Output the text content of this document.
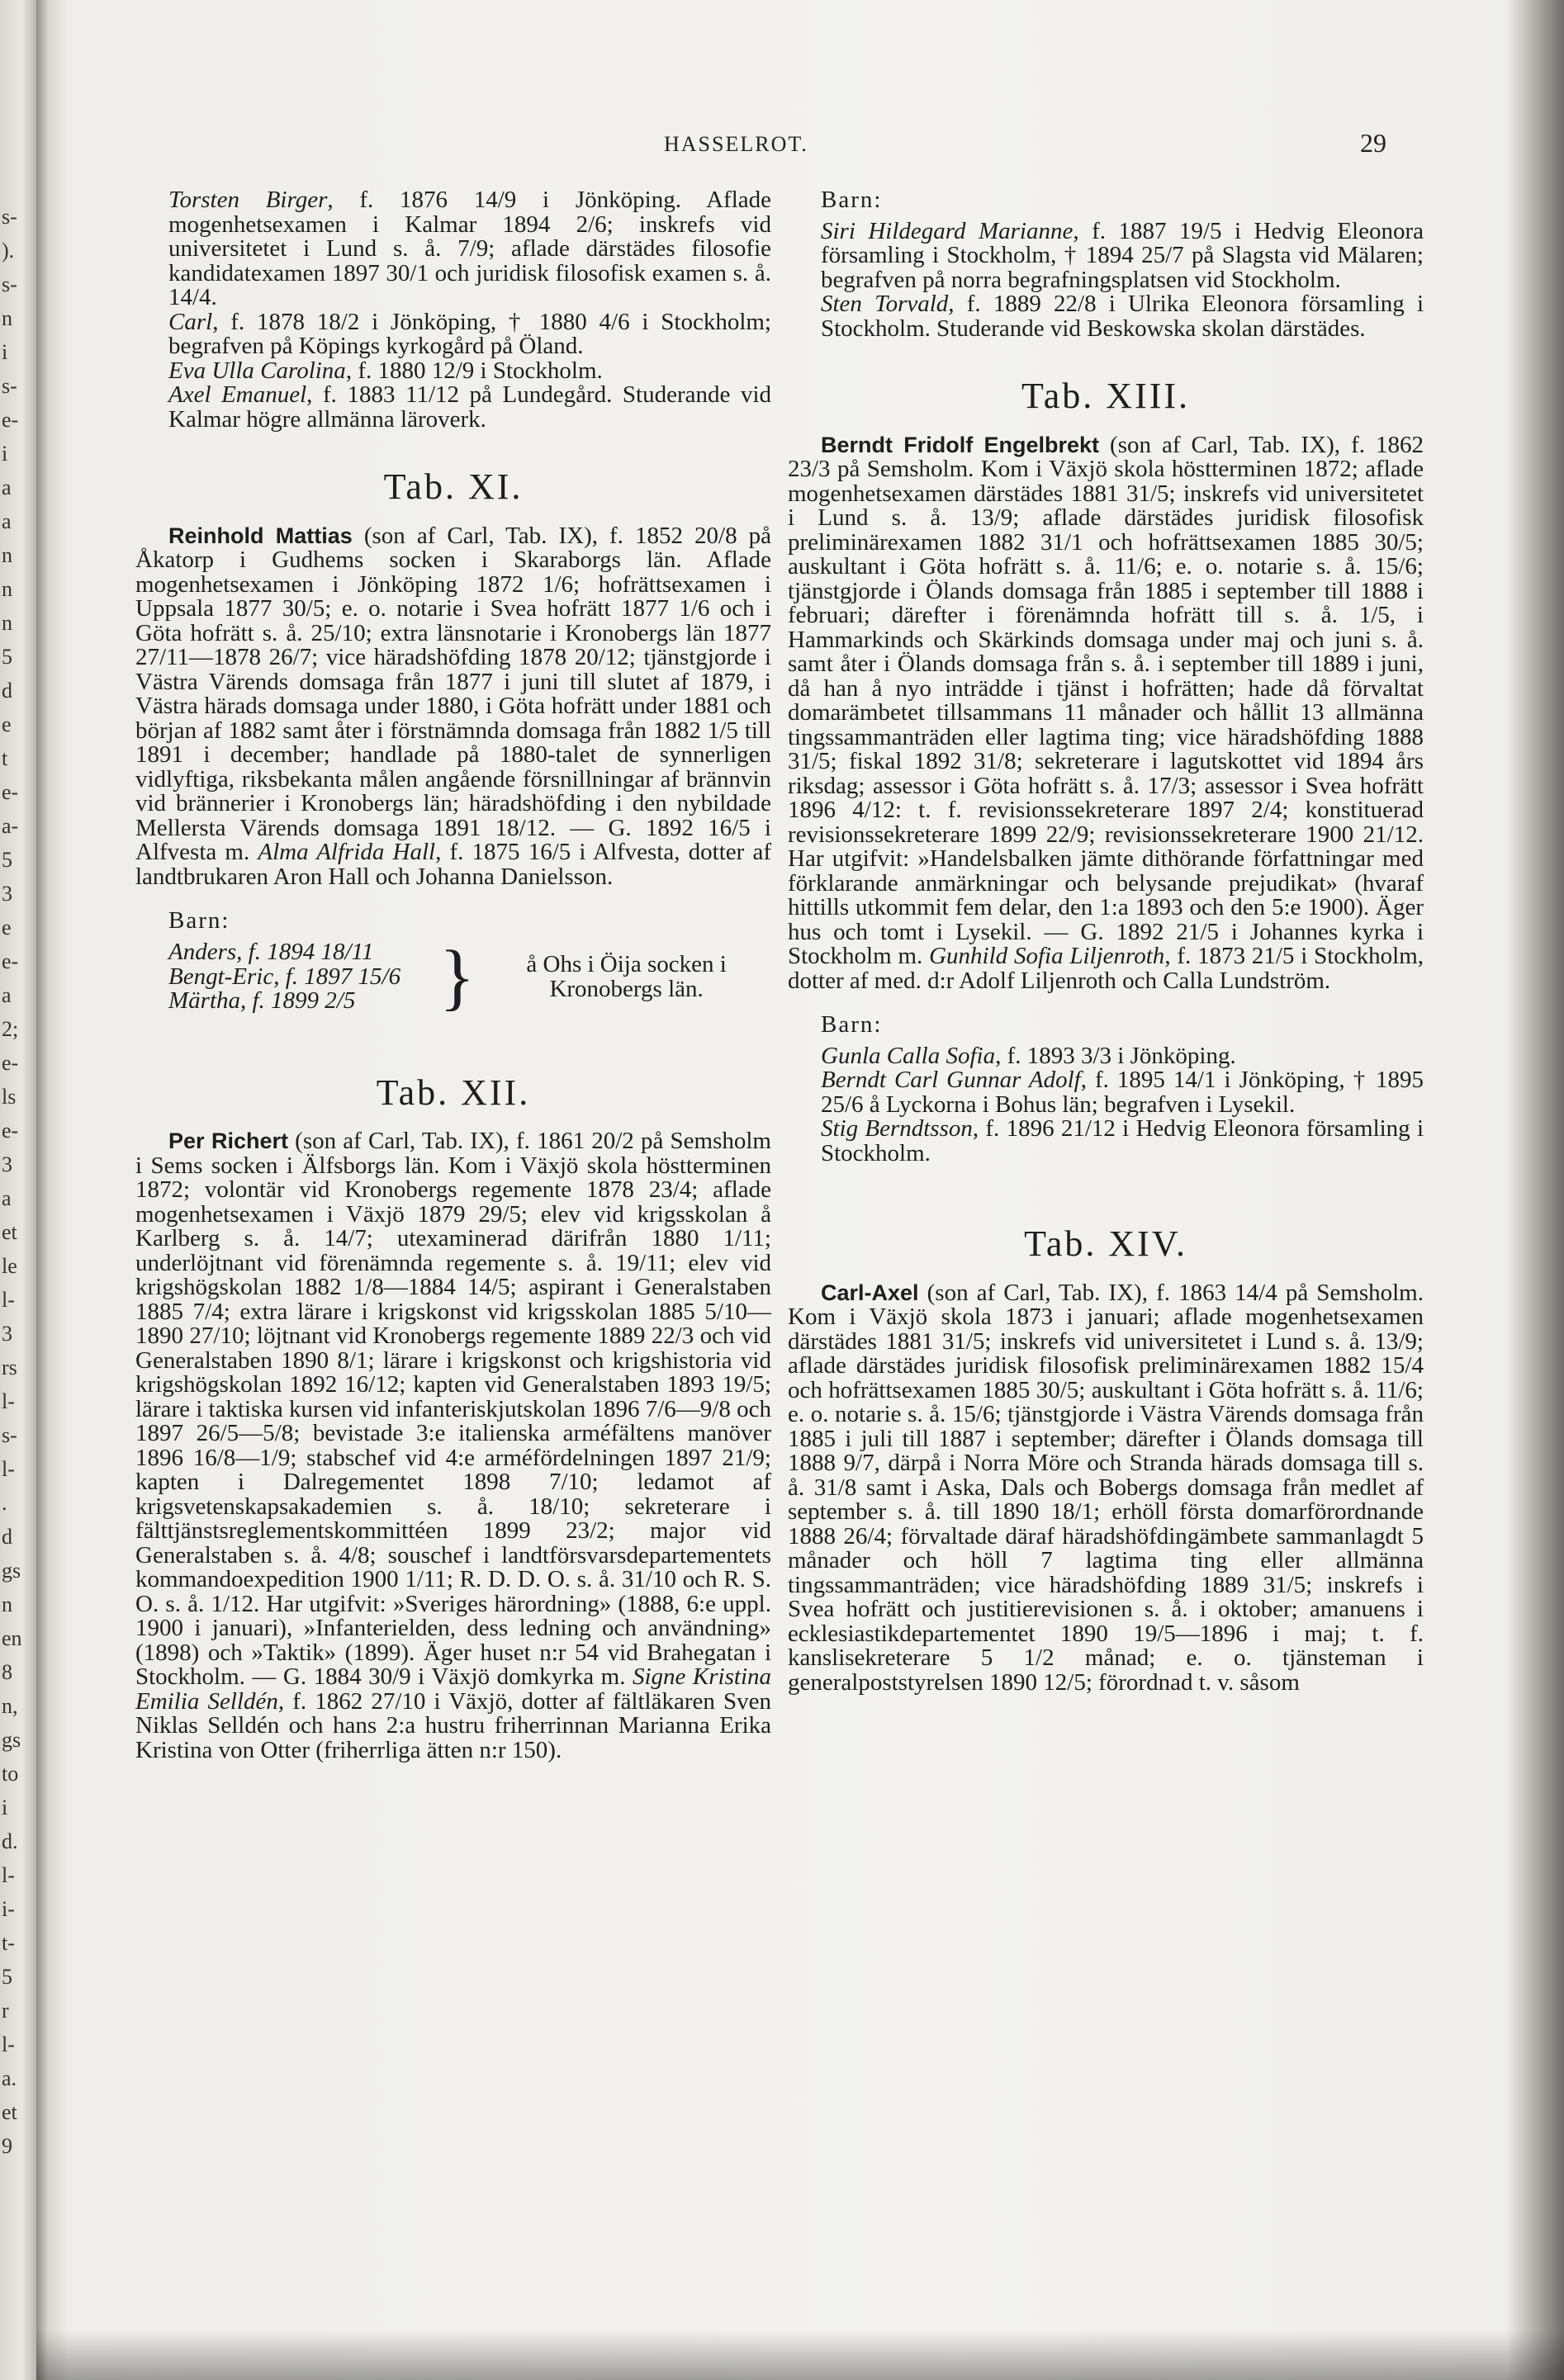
s-
).
s-
n
i
s-
e-
i
a
a
n
n
n
5
d
e
t
e-
a-
5
3
e
e-
a
2;
e-
ls
e-
3
a
et
le
l-
3
rs
l-
s-
l-
.
d
gs
n
en
8
n,
gs
to
i
d.
l-
i-
t-
5
r
l-
a.
et
9
HASSELROT.	29

Torsten Birger, f. 1876 14/9 i Jönköping. Aflade mogenhetsexamen i Kalmar 1894 2/6; inskrefs vid universitetet i Lund s. å. 7/9; aflade därstädes filosofie kandidatexamen 1897 30/1 och juridisk filosofisk examen s. å. 14/4.

Carl, f. 1878 18/2 i Jönköping, † 1880 4/6 i Stockholm; begrafven på Köpings kyrkogård på Öland.

Eva Ulla Carolina, f. 1880 12/9 i Stockholm.

Axel Emanuel, f. 1883 11/12 på Lundegård. Studerande vid Kalmar högre allmänna läroverk.

Tab. XI.

Reinhold Mattias (son af Carl, Tab. IX), f. 1852 20/8 på Åkatorp i Gudhems socken i Skaraborgs län. Aflade mogenhetsexamen i Jönköping 1872 1/6; hofrättsexamen i Uppsala 1877 30/5; e. o. notarie i Svea hofrätt 1877 1/6 och i Göta hofrätt s. å. 25/10; extra länsnotarie i Kronobergs län 1877 27/11—1878 26/7; vice häradshöfding 1878 20/12; tjänstgjorde i Västra Värends domsaga från 1877 i juni till slutet af 1879, i Västra härads domsaga under 1880, i Göta hofrätt under 1881 och början af 1882 samt åter i förstnämnda domsaga från 1882 1/5 till 1891 i december; handlade på 1880-talet de synnerligen vidlyftiga, riksbekanta målen angående försnillningar af brännvin vid brännerier i Kronobergs län; häradshöfding i den nybildade Mellersta Värends domsaga 1891 18/12. — G. 1892 16/5 i Alfvesta m. Alma Alfrida Hall, f. 1875 16/5 i Alfvesta, dotter af landtbrukaren Aron Hall och Johanna Danielsson.

Barn:
Anders, f. 1894 18/11
Bengt-Eric, f. 1897 15/6
Märtha, f. 1899 2/5	}	å Ohs i Öija socken i Kronobergs län.
Tab. XII.

Per Richert (son af Carl, Tab. IX), f. 1861 20/2 på Semsholm i Sems socken i Älfsborgs län. Kom i Växjö skola höstterminen 1872; volontär vid Kronobergs regemente 1878 23/4; aflade mogenhetsexamen i Växjö 1879 29/5; elev vid krigsskolan å Karlberg s. å. 14/7; utexaminerad därifrån 1880 1/11; underlöjtnant vid förenämnda regemente s. å. 19/11; elev vid krigshögskolan 1882 1/8—1884 14/5; aspirant i Generalstaben 1885 7/4; extra lärare i krigskonst vid krigsskolan 1885 5/10—1890 27/10; löjtnant vid Kronobergs regemente 1889 22/3 och vid Generalstaben 1890 8/1; lärare i krigskonst och krigshistoria vid krigshögskolan 1892 16/12; kapten vid Generalstaben 1893 19/5; lärare i taktiska kursen vid infanteriskjutskolan 1896 7/6—9/8 och 1897 26/5—5/8; bevistade 3:e italienska arméfältens manöver 1896 16/8—1/9; stabschef vid 4:e arméfördelningen 1897 21/9; kapten i Dalregementet 1898 7/10; ledamot af krigsvetenskapsakademien s. å. 18/10; sekreterare i fälttjänstsreglementskommittéen 1899 23/2; major vid Generalstaben s. å. 4/8; souschef i landtförsvarsdepartementets kommandoexpedition 1900 1/11; R. D. D. O. s. å. 31/10 och R. S. O. s. å. 1/12. Har utgifvit: »Sveriges härordning» (1888, 6:e uppl. 1900 i januari), »Infanterielden, dess ledning och användning» (1898) och »Taktik» (1899). Äger huset n:r 54 vid Brahegatan i Stockholm. — G. 1884 30/9 i Växjö domkyrka m. Signe Kristina Emilia Selldén, f. 1862 27/10 i Växjö, dotter af fältläkaren Sven Niklas Selldén och hans 2:a hustru friherrinnan Marianna Erika Kristina von Otter (friherrliga ätten n:r 150).

Barn:

Siri Hildegard Marianne, f. 1887 19/5 i Hedvig Eleonora församling i Stockholm, † 1894 25/7 på Slagsta vid Mälaren; begrafven på norra begrafningsplatsen vid Stockholm.

Sten Torvald, f. 1889 22/8 i Ulrika Eleonora församling i Stockholm. Studerande vid Beskowska skolan därstädes.

Tab. XIII.

Berndt Fridolf Engelbrekt (son af Carl, Tab. IX), f. 1862 23/3 på Semsholm. Kom i Växjö skola höstterminen 1872; aflade mogenhetsexamen därstädes 1881 31/5; inskrefs vid universitetet i Lund s. å. 13/9; aflade därstädes juridisk filosofisk preliminärexamen 1882 31/1 och hofrättsexamen 1885 30/5; auskultant i Göta hofrätt s. å. 11/6; e. o. notarie s. å. 15/6; tjänstgjorde i Ölands domsaga från 1885 i september till 1888 i februari; därefter i förenämnda hofrätt till s. å. 1/5, i Hammarkinds och Skärkinds domsaga under maj och juni s. å. samt åter i Ölands domsaga från s. å. i september till 1889 i juni, då han å nyo inträdde i tjänst i hofrätten; hade då förvaltat domarämbetet tillsammans 11 månader och hållit 13 allmänna tingssammanträden eller lagtima ting; vice häradshöfding 1888 31/5; fiskal 1892 31/8; sekreterare i lagutskottet vid 1894 års riksdag; assessor i Göta hofrätt s. å. 17/3; assessor i Svea hofrätt 1896 4/12: t. f. revisionssekreterare 1897 2/4; konstituerad revisionssekreterare 1899 22/9; revisionssekreterare 1900 21/12. Har utgifvit: »Handelsbalken jämte dithörande författningar med förklarande anmärkningar och belysande prejudikat» (hvaraf hittills utkommit fem delar, den 1:a 1893 och den 5:e 1900). Äger hus och tomt i Lysekil. — G. 1892 21/5 i Johannes kyrka i Stockholm m. Gunhild Sofia Liljenroth, f. 1873 21/5 i Stockholm, dotter af med. d:r Adolf Liljenroth och Calla Lundström.

Barn:

Gunla Calla Sofia, f. 1893 3/3 i Jönköping.

Berndt Carl Gunnar Adolf, f. 1895 14/1 i Jönköping, † 1895 25/6 å Lyckorna i Bohus län; begrafven i Lysekil.

Stig Berndtsson, f. 1896 21/12 i Hedvig Eleonora församling i Stockholm.

Tab. XIV.

Carl-Axel (son af Carl, Tab. IX), f. 1863 14/4 på Semsholm. Kom i Växjö skola 1873 i januari; aflade mogenhetsexamen därstädes 1881 31/5; inskrefs vid universitetet i Lund s. å. 13/9; aflade därstädes juridisk filosofisk preliminärexamen 1882 15/4 och hofrättsexamen 1885 30/5; auskultant i Göta hofrätt s. å. 11/6; e. o. notarie s. å. 15/6; tjänstgjorde i Västra Värends domsaga från 1885 i juli till 1887 i september; därefter i Ölands domsaga till 1888 9/7, därpå i Norra Möre och Stranda härads domsaga till s. å. 31/8 samt i Aska, Dals och Bobergs domsaga från medlet af september s. å. till 1890 18/1; erhöll första domarförordnande 1888 26/4; förvaltade däraf häradshöfdingämbete sammanlagdt 5 månader och höll 7 lagtima ting eller allmänna tingssammanträden; vice häradshöfding 1889 31/5; inskrefs i Svea hofrätt och justitierevisionen s. å. i oktober; amanuens i ecklesiastikdepartementet 1890 19/5—1896 i maj; t. f. kanslisekreterare 5 1/2 månad; e. o. tjänsteman i generalpoststyrelsen 1890 12/5; förordnad t. v. såsom
